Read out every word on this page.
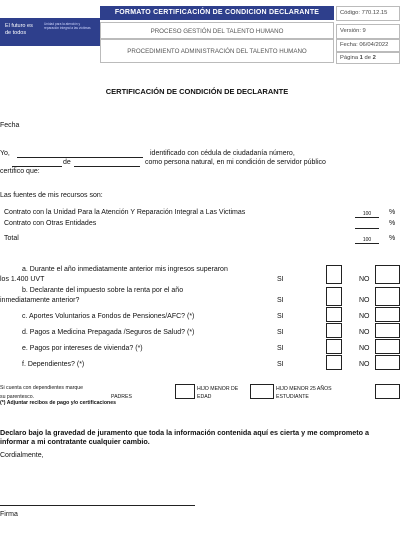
El futuro es de todos
Unidad para la atención y reparación integral a las víctimas
FORMATO CERTIFICACIÓN DE CONDICION DECLARANTE
PROCESO GESTIÓN DEL TALENTO HUMANO
PROCEDIMIENTO ADMINISTRACIÓN DEL TALENTO HUMANO
Código: 770.12.15
Versión: 9
Fecha: 06/04/2022
Página 1 de 2
CERTIFICACIÓN DE CONDICIÓN DE DECLARANTE
Fecha
Yo,	identificado con cédula de ciudadanía número,
de	como persona natural, en mi condición de servidor público
certifico que:
Las fuentes de mis recursos son:
Contrato con la Unidad Para la Atención Y Reparación Integral a Las Victimas	100	%
Contrato con Otras Entidades	%
Total	100	%
a. Durante el año inmediatamente anterior mis ingresos superaron
los 1.400 UVT	SI	NO
b. Declarante del impuesto sobre la renta por el año
inmediatamente anterior?	SI	NO
c. Aportes Voluntarios a Fondos de Pensiones/AFC? (*)	SI	NO
d. Pagos a Medicina Prepagada /Seguros de Salud? (*)	SI	NO
e. Pagos por intereses de vivienda? (*)	SI	NO
f. Dependientes? (*)	SI	NO
Si cuenta con dependientes marque
su parentesco.	PADRES
HIJO MENOR DE EDAD
HIJO MENOR 25 AÑOS ESTUDIANTE
(*) Adjuntar recibos de pago y/o certificaciones
Declaro bajo la gravedad de juramento que toda la información contenida aquí es cierta y me comprometo a informar a mi contratante cualquier cambio.
Cordialmente,
Firma
